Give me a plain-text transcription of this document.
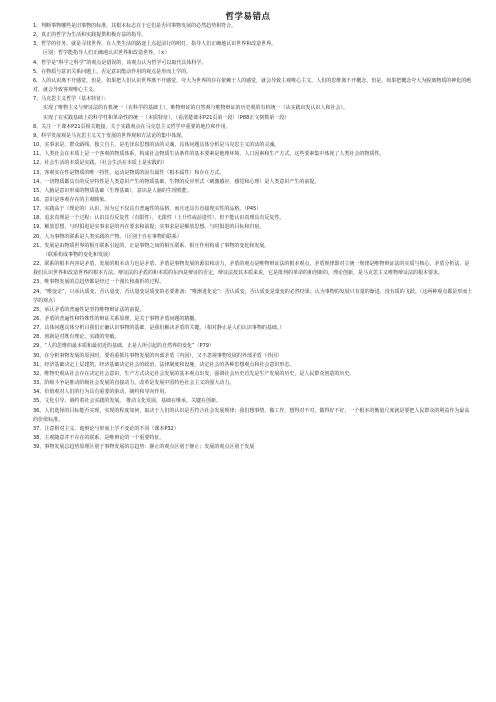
哲学易错点
1、判断事物哪些是旧事物的标准，其根本标志在于它们是否同事物发展的必然趋势相符合。
2、真正的哲学为生活和实践提供积极有益的指导。
3、哲学的任务，就是寻找世界，在人类生活的路途上点起前行的明灯，指导人们正确地认识世界和改造世界。
区别：哲学能指导人们正确地认识世界和改造世界。（×）
4、哲学是“科学之科学”的观点是错误的，该观点认为哲学可以取代具体科学。
5、在物质与意识关系问题上，否定意识能动作用的观点是形而上学的。
6、人的认识离不开感觉，但是，如果把人们认识世界离不开感觉，夸大为世界的存在依赖于人的感觉，就会导致主观唯心主义。人们的思维离不开概念，但是，如果把概念夸大为脱离物质的神化的绝对，就会导致客观唯心主义。
7、马克思主义哲学（基本特征）：
实现了唯物主义与辩证法的有机统一（在科学的基础上），唯物辩证的自然观与唯物辩证的历史观的有机统一（从实践出发认识人和社会）。
实现了在实践基础上的科学性和革命性的统一（本质特征）。（看清楚课本P21页第一段）（P88正文倒数第一段）
8、关注一下课本P21页相关链接，关于实践观点在马克思主义哲学中重要的地位和作用。
9、科学发展观是马克思主义关于发展的世界观和方法论的集中体现。
10、实事求是、群众路线、独立自主，是毛泽东思想的活的灵魂，具体问题具体分析是马克思主义的活的灵魂。
11、人类社会在本质上是一个客观的物质体系，构成社会物质生活条件的基本要素是地理环境、人口因素和生产方式，这些要素集中体现了人类社会的物质性。
12、社会生活的本质是实践。（社会生活在本质上是实践的）
13、客观实在性是物质的唯一特性，运动是物质的固有属性（根本属性）和存在方式。
14、一切物质都具有的反应特性是人类意识产生的物质基础，生物的反应形式（刺激感应、感觉和心理）是人类意识产生的前提。
15、人脑是意识形成的物质基础（生理基础），意识是人脑的生理机能。
16、意识是客观存在的主观映象。
17、实践高于（理论的）认识，因为它不仅具有普遍性的品格，而且还具有直接现实性的品格。（P45）
18、追求真理是一个过程：认识具有反复性（有限性），无限性（上升性或前进性），但不能认识真理具有反复性。
19、解放思想、与时俱进是实事求是的内在要求和前提；实事求是是解放思想、与时俱进的目标和归宿。
20、人为事物的联系是人类实践的产物。（区别于自在事物的联系）
21、发展是由物质世界的相互联系引起的，正是事物之间的相互联系、相互作用构成了事物的变化和发展。
（联系构成事物的变化和发展）
22、联系的根本内容是矛盾，发展的根本动力也是矛盾。矛盾是事物发展的源泉和动力，矛盾的观点是唯物辩证法的根本观点，矛盾规律即对立统一规律是唯物辩证法的实质与核心，矛盾分析法，是我们认识世界和改造世界的根本方法。辩证法的矛盾的和本质的东西是辩证的否定，辩证法按其本质来说，它是批判的革命的和创新的，理论创新，是马克思主义唯物辩证法的根本要求。
23、唯事物发展的总趋势都是经过一个漫长和曲折的过程。
24、“唯变论”，只承认质变，否认量变，否认量变是质变的必要准备；“唯渐进化论”：否认质变，否认质变是量变的必然结果；认为事物的发展只有量的渐进，没有质的飞跃。（这两种观点都是形而上学的观点）
25、承认矛盾的普遍性是坚持唯物辩证法的前提。
26、矛盾的普遍性和特殊性的辩证关系原理，是关于事物矛盾问题的精髓。
27、具体问题具体分析目我们正确认识事物的基础，是我们解决矛盾的关键。（相对静止是人们认识事物的基础。）
28、创新是对既有理论、实践的突破。
29、“人的思维的最本质和最切近的基础，正是人所引起的自然界的变化”（P79）
30、在分析事物发展的原因时，要看重抓住事物发展的内部矛盾（内因），又不忽视事物发展的外部矛盾（外因）
31、经济基础决定上层建筑，经济基础决定社会的政治、法律制度和设施，决定社会的各种思想观点和社会意识形态。
32、唯物史观从社会存在决定社会意识，生产方式决定社会发展的基本观点出发，强调社会历史首先是生产发展的历史，是人民群众创造的历史。
33、阶级斗争是推动阶级社会发展的直接动力，改革是发展中国特色社会主义的强大动力。
34、价值观对人们的行为具有重要的驱动、制约和导向作用。
35、文化引导、调约着社会实践的发展。 推动文化发展，基础在继承，关键在创新。
36、人们选择的目标能否实现，实现的程度如何，取决于人们的认识是否符合社会发展规律；我们想事情、做工作，想得对不对，做得好不好，一个根本的衡量尺度就是要把人民群众的利益作为最高的价值标准。
37、注意相对主义、诡辩论与形而上学不变论的不同（课本P32）
38、主观随意并不存在的联系，是唯辩论的一个重要特征。
39、事物发展总趋势原理区别于事物发展的总趋势：静止的观点区别于静止；发展的观点区别于发展
